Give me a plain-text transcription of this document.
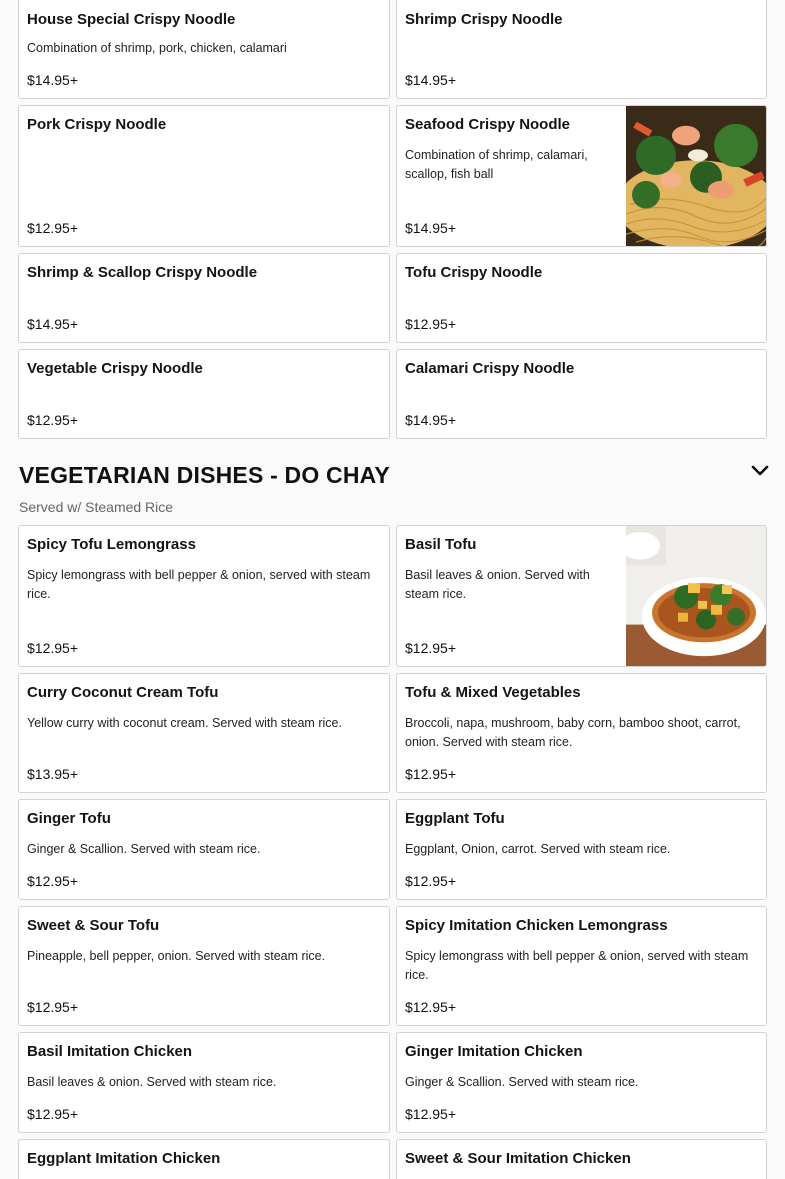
House Special Crispy Noodle
Combination of shrimp, pork, chicken, calamari
$14.95+
Shrimp Crispy Noodle
$14.95+
Pork Crispy Noodle
$12.95+
Seafood Crispy Noodle
Combination of shrimp, calamari, scallop, fish ball
$14.95+
Shrimp & Scallop Crispy Noodle
$14.95+
Tofu Crispy Noodle
$12.95+
Vegetable Crispy Noodle
$12.95+
Calamari Crispy Noodle
$14.95+
VEGETARIAN DISHES - DO CHAY
Served w/ Steamed Rice
Spicy Tofu Lemongrass
Spicy lemongrass with bell pepper & onion, served with steam rice.
$12.95+
Basil Tofu
Basil leaves & onion. Served with steam rice.
$12.95+
Curry Coconut Cream Tofu
Yellow curry with coconut cream. Served with steam rice.
$13.95+
Tofu & Mixed Vegetables
Broccoli, napa, mushroom, baby corn, bamboo shoot, carrot, onion. Served with steam rice.
$12.95+
Ginger Tofu
Ginger & Scallion. Served with steam rice.
$12.95+
Eggplant Tofu
Eggplant, Onion, carrot. Served with steam rice.
$12.95+
Sweet & Sour Tofu
Pineapple, bell pepper, onion. Served with steam rice.
$12.95+
Spicy Imitation Chicken Lemongrass
Spicy lemongrass with bell pepper & onion, served with steam rice.
$12.95+
Basil Imitation Chicken
Basil leaves & onion. Served with steam rice.
$12.95+
Ginger Imitation Chicken
Ginger & Scallion. Served with steam rice.
$12.95+
Eggplant Imitation Chicken	Sweet & Sour Imitation Chicken
